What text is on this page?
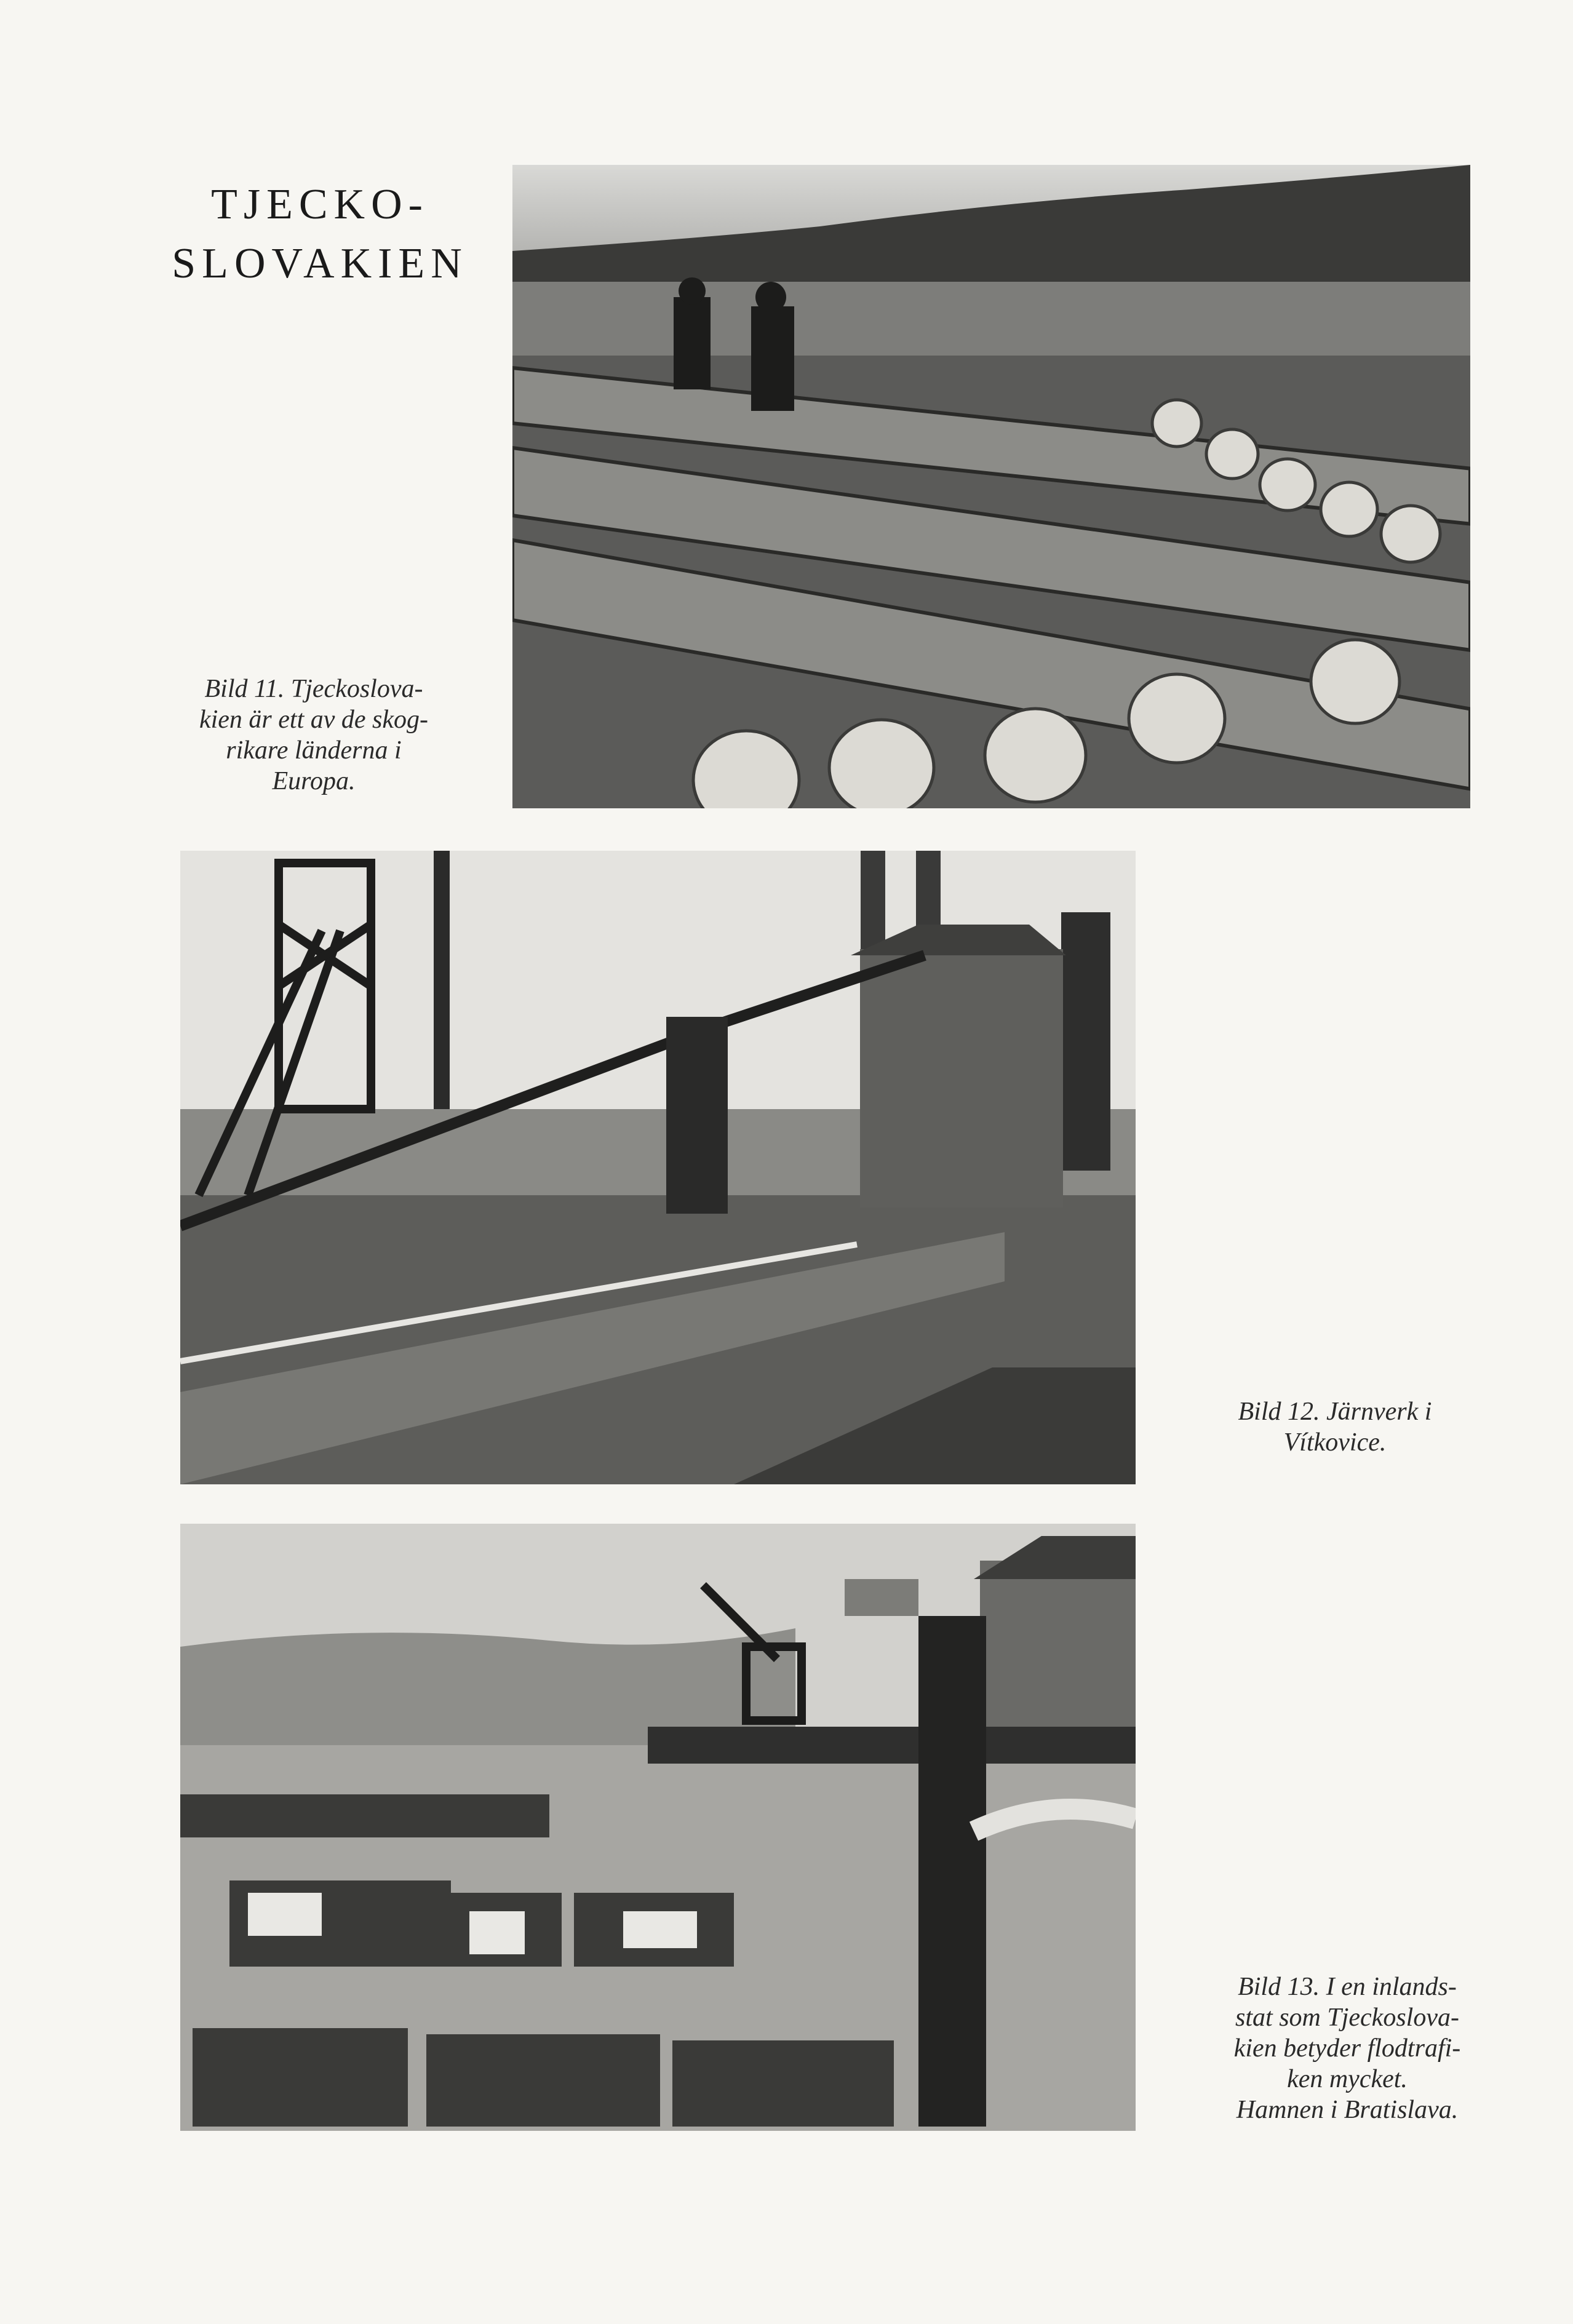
TJECKO-
SLOVAKIEN
Bild 11. Tjeckoslova-
kien är ett av de skog-
rikare länderna i
Europa.
Bild 12. Järnverk i
Vítkovice.
Bild 13. I en inlands-
stat som Tjeckoslova-
kien betyder flodtrafi-
ken mycket.
Hamnen i Bratislava.
